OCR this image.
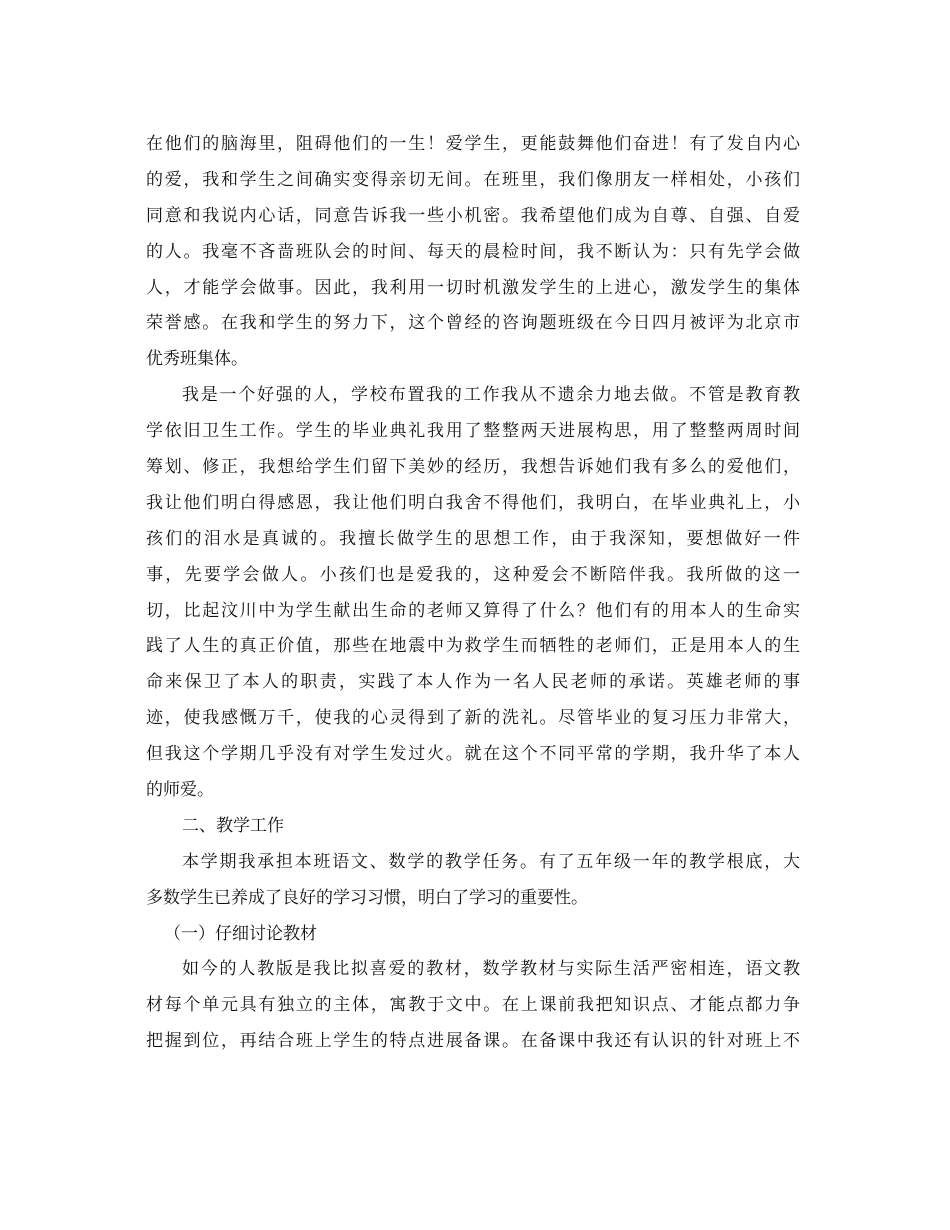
在他们的脑海里，阻碍他们的一生！爱学生，更能鼓舞他们奋进！有了发自内心
的爱，我和学生之间确实变得亲切无间。在班里，我们像朋友一样相处，小孩们
同意和我说内心话，同意告诉我一些小机密。我希望他们成为自尊、自强、自爱
的人。我毫不吝啬班队会的时间、每天的晨检时间，我不断认为：只有先学会做
人，才能学会做事。因此，我利用一切时机激发学生的上进心，激发学生的集体
荣誉感。在我和学生的努力下，这个曾经的咨询题班级在今日四月被评为北京市
优秀班集体。
我是一个好强的人，学校布置我的工作我从不遗余力地去做。不管是教育教
学依旧卫生工作。学生的毕业典礼我用了整整两天进展构思，用了整整两周时间
筹划、修正，我想给学生们留下美妙的经历，我想告诉她们我有多么的爱他们，
我让他们明白得感恩，我让他们明白我舍不得他们，我明白，在毕业典礼上，小
孩们的泪水是真诚的。我擅长做学生的思想工作，由于我深知，要想做好一件
事，先要学会做人。小孩们也是爱我的，这种爱会不断陪伴我。我所做的这一
切，比起汶川中为学生献出生命的老师又算得了什么？他们有的用本人的生命实
践了人生的真正价值，那些在地震中为救学生而牺牲的老师们，正是用本人的生
命来保卫了本人的职责，实践了本人作为一名人民老师的承诺。英雄老师的事
迹，使我感慨万千，使我的心灵得到了新的洗礼。尽管毕业的复习压力非常大，
但我这个学期几乎没有对学生发过火。就在这个不同平常的学期，我升华了本人
的师爱。
二、教学工作
本学期我承担本班语文、数学的教学任务。有了五年级一年的教学根底，大
多数学生已养成了良好的学习习惯，明白了学习的重要性。
（一）仔细讨论教材
如今的人教版是我比拟喜爱的教材，数学教材与实际生活严密相连，语文教
材每个单元具有独立的主体，寓教于文中。在上课前我把知识点、才能点都力争
把握到位，再结合班上学生的特点进展备课。在备课中我还有认识的针对班上不
